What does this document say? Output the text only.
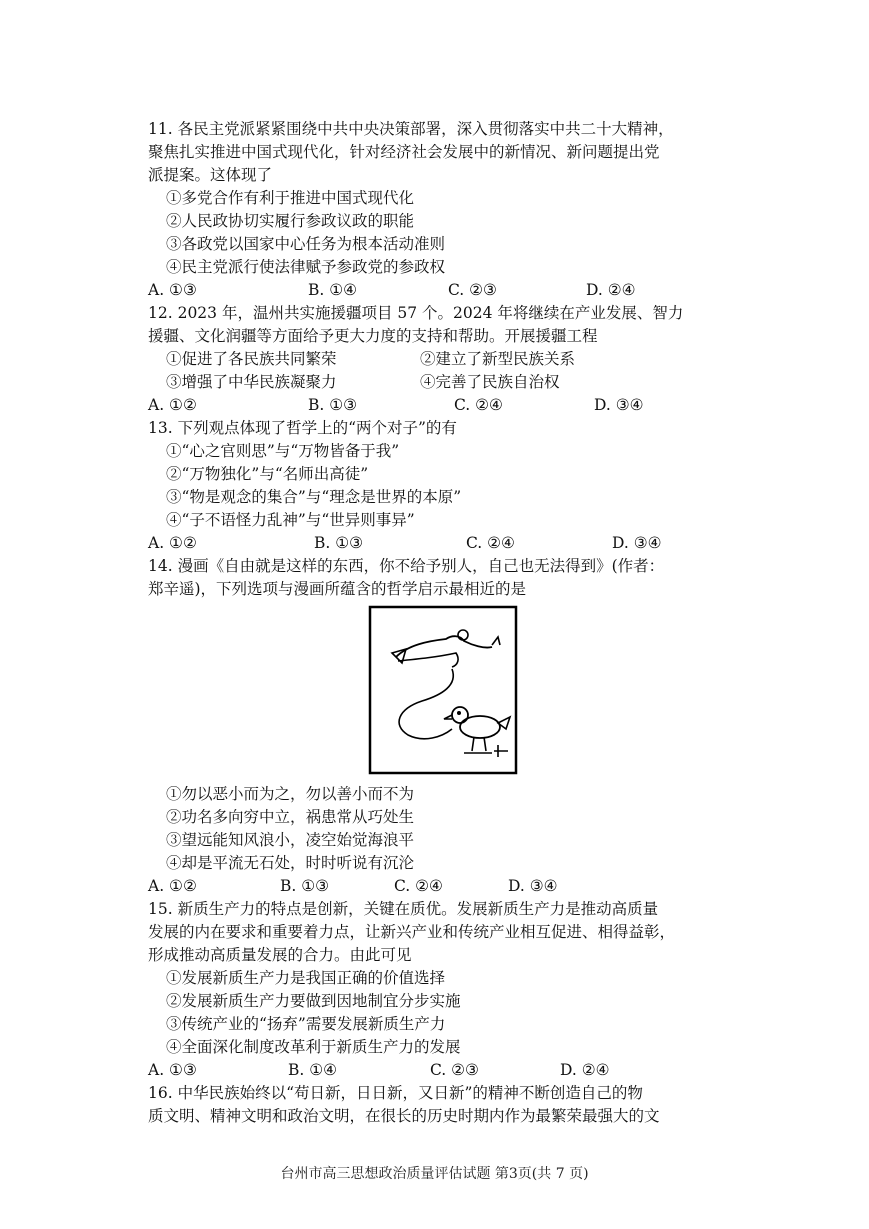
11. 各民主党派紧紧围绕中共中央决策部署，深入贯彻落实中共二十大精神，
聚焦扎实推进中国式现代化，针对经济社会发展中的新情况、新问题提出党
派提案。这体现了
①多党合作有利于推进中国式现代化
②人民政协切实履行参政议政的职能
③各政党以国家中心任务为根本活动准则
④民主党派行使法律赋予参政党的参政权
A. ①③	B. ①④	C. ②③	D. ②④
12. 2023 年，温州共实施援疆项目 57 个。2024 年将继续在产业发展、智力
援疆、文化润疆等方面给予更大力度的支持和帮助。开展援疆工程
①促进了各民族共同繁荣	②建立了新型民族关系
③增强了中华民族凝聚力	④完善了民族自治权
A. ①②	B. ①③	C. ②④	D. ③④
13. 下列观点体现了哲学上的“两个对子”的有
①“心之官则思”与“万物皆备于我”
②“万物独化”与“名师出高徒”
③“物是观念的集合”与“理念是世界的本原”
④“子不语怪力乱神”与“世异则事异”
A. ①②	B. ①③	C. ②④	D. ③④
14. 漫画《自由就是这样的东西，你不给予别人，自己也无法得到》(作者：
郑辛遥)，下列选项与漫画所蕴含的哲学启示最相近的是
①勿以恶小而为之，勿以善小而不为
②功名多向穷中立，祸患常从巧处生
③望远能知风浪小，凌空始觉海浪平
④却是平流无石处，时时听说有沉沦
A. ①②	B. ①③	C. ②④	D. ③④
15. 新质生产力的特点是创新，关键在质优。发展新质生产力是推动高质量
发展的内在要求和重要着力点，让新兴产业和传统产业相互促进、相得益彰，
形成推动高质量发展的合力。由此可见
①发展新质生产力是我国正确的价值选择
②发展新质生产力要做到因地制宜分步实施
③传统产业的“扬弃”需要发展新质生产力
④全面深化制度改革利于新质生产力的发展
A. ①③	B. ①④	C. ②③	D. ②④
16. 中华民族始终以“苟日新，日日新，又日新”的精神不断创造自己的物
质文明、精神文明和政治文明，在很长的历史时期内作为最繁荣最强大的文
台州市高三思想政治质量评估试题 第3页(共 7 页)
